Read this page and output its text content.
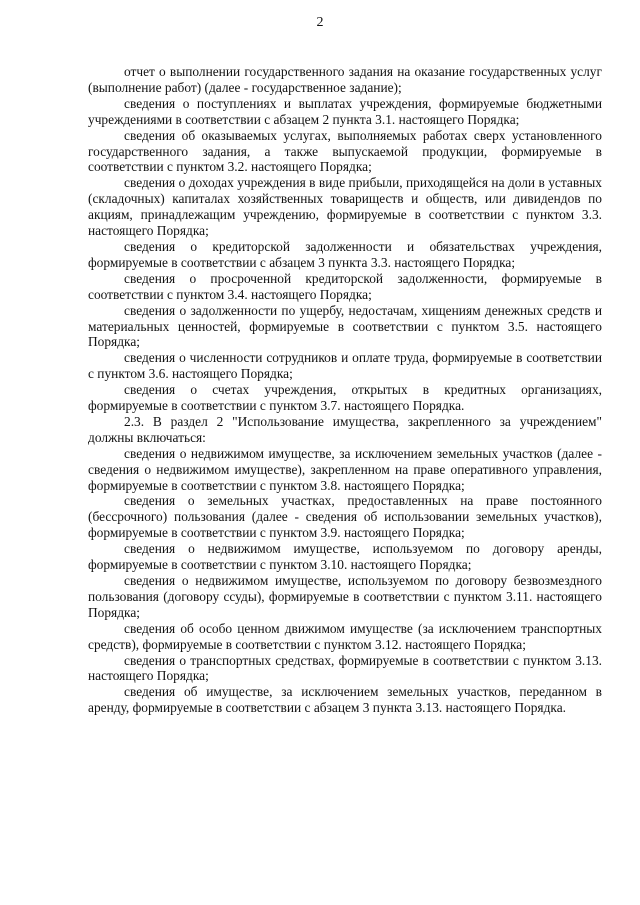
2

отчет о выполнении государственного задания на оказание государственных услуг (выполнение работ) (далее - государственное задание);

сведения о поступлениях и выплатах учреждения, формируемые бюджетными учреждениями в соответствии с абзацем 2 пункта 3.1. настоящего Порядка;

сведения об оказываемых услугах, выполняемых работах сверх установленного государственного задания, а также выпускаемой продукции, формируемые в соответствии с пунктом 3.2. настоящего Порядка;

сведения о доходах учреждения в виде прибыли, приходящейся на доли в уставных (складочных) капиталах хозяйственных товариществ и обществ, или дивидендов по акциям, принадлежащим учреждению, формируемые в соответствии с пунктом 3.3. настоящего Порядка;

сведения о кредиторской задолженности и обязательствах учреждения, формируемые в соответствии с абзацем 3 пункта 3.3. настоящего Порядка;

сведения о просроченной кредиторской задолженности, формируемые в соответствии с пунктом 3.4. настоящего Порядка;

сведения о задолженности по ущербу, недостачам, хищениям денежных средств и материальных ценностей, формируемые в соответствии с пунктом 3.5. настоящего Порядка;

сведения о численности сотрудников и оплате труда, формируемые в соответствии с пунктом 3.6. настоящего Порядка;

сведения о счетах учреждения, открытых в кредитных организациях, формируемые в соответствии с пунктом 3.7. настоящего Порядка.

2.3. В раздел 2 "Использование имущества, закрепленного за учреждением" должны включаться:

сведения о недвижимом имуществе, за исключением земельных участков (далее - сведения о недвижимом имуществе), закрепленном на праве оперативного управления, формируемые в соответствии с пунктом 3.8. настоящего Порядка;

сведения о земельных участках, предоставленных на праве постоянного (бессрочного) пользования (далее - сведения об использовании земельных участков), формируемые в соответствии с пунктом 3.9. настоящего Порядка;

сведения о недвижимом имуществе, используемом по договору аренды, формируемые в соответствии с пунктом 3.10. настоящего Порядка;

сведения о недвижимом имуществе, используемом по договору безвозмездного пользования (договору ссуды), формируемые в соответствии с пунктом 3.11. настоящего Порядка;

сведения об особо ценном движимом имуществе (за исключением транспортных средств), формируемые в соответствии с пунктом 3.12. настоящего Порядка;

сведения о транспортных средствах, формируемые в соответствии с пунктом 3.13. настоящего Порядка;

сведения об имуществе, за исключением земельных участков, переданном в аренду, формируемые в соответствии с абзацем 3 пункта 3.13. настоящего Порядка.
